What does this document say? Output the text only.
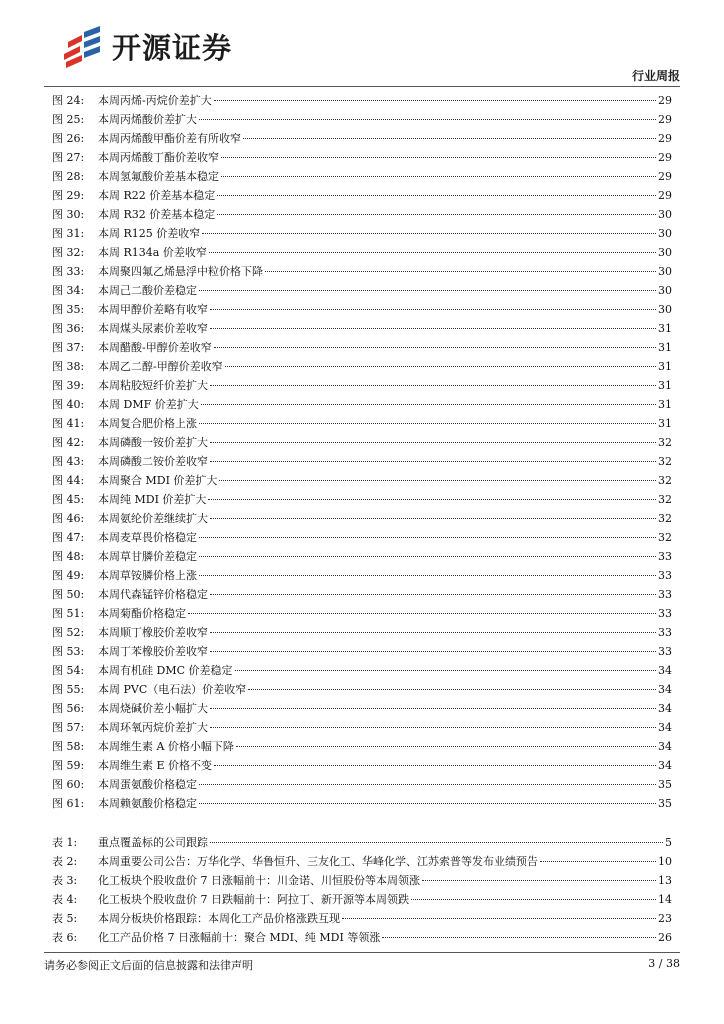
开源证券
行业周报
图 24:	本周丙烯-丙烷价差扩大	29
图 25:	本周丙烯酸价差扩大	29
图 26:	本周丙烯酸甲酯价差有所收窄	29
图 27:	本周丙烯酸丁酯价差收窄	29
图 28:	本周氢氟酸价差基本稳定	29
图 29:	本周 R22 价差基本稳定	29
图 30:	本周 R32 价差基本稳定	30
图 31:	本周 R125 价差收窄	30
图 32:	本周 R134a 价差收窄	30
图 33:	本周聚四氟乙烯悬浮中粒价格下降	30
图 34:	本周己二酸价差稳定	30
图 35:	本周甲醇价差略有收窄	30
图 36:	本周煤头尿素价差收窄	31
图 37:	本周醋酸-甲醇价差收窄	31
图 38:	本周乙二醇-甲醇价差收窄	31
图 39:	本周粘胶短纤价差扩大	31
图 40:	本周 DMF 价差扩大	31
图 41:	本周复合肥价格上涨	31
图 42:	本周磷酸一铵价差扩大	32
图 43:	本周磷酸二铵价差收窄	32
图 44:	本周聚合 MDI 价差扩大	32
图 45:	本周纯 MDI 价差扩大	32
图 46:	本周氨纶价差继续扩大	32
图 47:	本周麦草畏价格稳定	32
图 48:	本周草甘膦价差稳定	33
图 49:	本周草铵膦价格上涨	33
图 50:	本周代森锰锌价格稳定	33
图 51:	本周菊酯价格稳定	33
图 52:	本周顺丁橡胶价差收窄	33
图 53:	本周丁苯橡胶价差收窄	33
图 54:	本周有机硅 DMC 价差稳定	34
图 55:	本周 PVC（电石法）价差收窄	34
图 56:	本周烧碱价差小幅扩大	34
图 57:	本周环氧丙烷价差扩大	34
图 58:	本周维生素 A 价格小幅下降	34
图 59:	本周维生素 E 价格不变	34
图 60:	本周蛋氨酸价格稳定	35
图 61:	本周赖氨酸价格稳定	35
表 1:	重点覆盖标的公司跟踪	5
表 2:	本周重要公司公告：万华化学、华鲁恒升、三友化工、华峰化学、江苏索普等发布业绩预告	10
表 3:	化工板块个股收盘价 7 日涨幅前十：川金诺、川恒股份等本周领涨	13
表 4:	化工板块个股收盘价 7 日跌幅前十：阿拉丁、新开源等本周领跌	14
表 5:	本周分板块价格跟踪：本周化工产品价格涨跌互现	23
表 6:	化工产品价格 7 日涨幅前十：聚合 MDI、纯 MDI 等领涨	26
请务必参阅正文后面的信息披露和法律声明	3 / 38
